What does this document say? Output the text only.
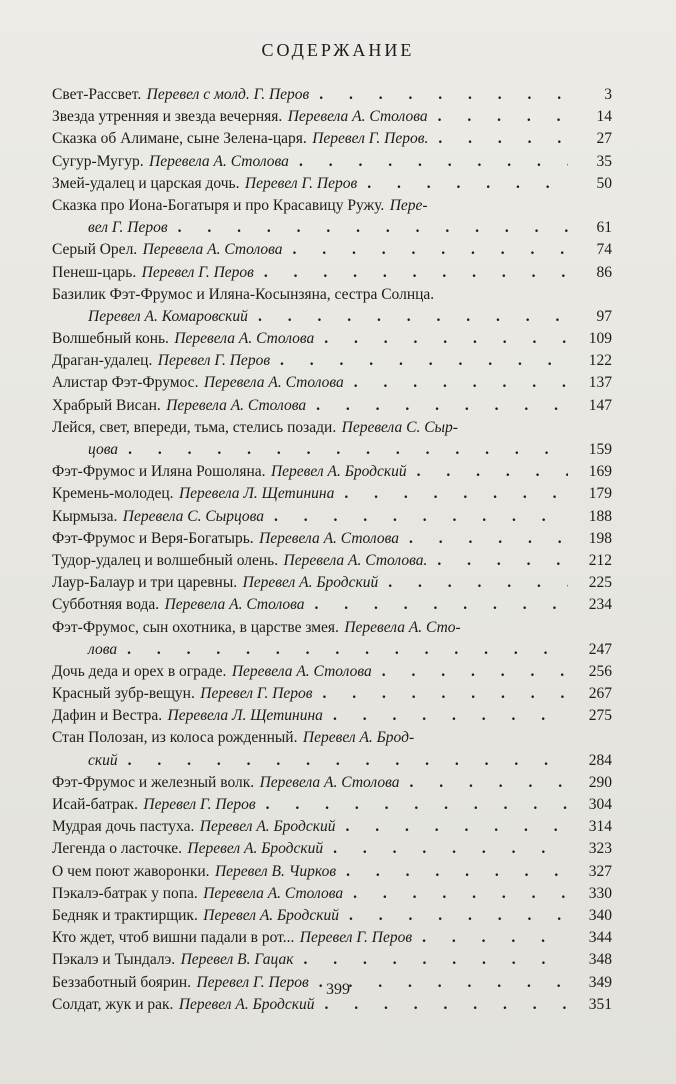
СОДЕРЖАНИЕ
Свет-Рассвет. Перевел с молд. Г. Перов . . .	3
Звезда утренняя и звезда вечерняя. Перевела А. Столова . . .	14
Сказка об Алимане, сыне Зелена-царя. Перевел Г. Перов. . . .	27
Сугур-Мугур. Перевела А. Столова . . .	35
Змей-удалец и царская дочь. Перевел Г. Перов . . .	50
Сказка про Иона-Богатыря и про Красавицу Ружу. Пере-
вел Г. Перов . . .	61
Серый Орел. Перевела А. Столова . . .	74
Пенеш-царь. Перевел Г. Перов . . .	86
Базилик Фэт-Фрумос и Иляна-Косынзяна, сестра Солнца.
Перевел А. Комаровский . . .	97
Волшебный конь. Перевела А. Столова . . .	109
Драган-удалец. Перевел Г. Перов . . .	122
Алистар Фэт-Фрумос. Перевела А. Столова . . .	137
Храбрый Висан. Перевела А. Столова . . .	147
Лейся, свет, впереди, тьма, стелись позади. Перевела С. Сыр-
цова . . .	159
Фэт-Фрумос и Иляна Рошоляна. Перевел А. Бродский . . .	169
Кремень-молодец. Перевела Л. Щетинина . . .	179
Кырмыза. Перевела С. Сырцова . . .	188
Фэт-Фрумос и Веря-Богатырь. Перевела А. Столова . . .	198
Тудор-удалец и волшебный олень. Перевела А. Столова. . . .	212
Лаур-Балаур и три царевны. Перевел А. Бродский . . .	225
Субботняя вода. Перевела А. Столова . . .	234
Фэт-Фрумос, сын охотника, в царстве змея. Перевела А. Сто-
лова . . .	247
Дочь деда и орех в ограде. Перевела А. Столова . . .	256
Красный зубр-вещун. Перевел Г. Перов . . .	267
Дафин и Вестра. Перевела Л. Щетинина . . .	275
Стан Полозан, из колоса рожденный. Перевел А. Брод-
ский . . .	284
Фэт-Фрумос и железный волк. Перевела А. Столова . . .	290
Исай-батрак. Перевел Г. Перов . . .	304
Мудрая дочь пастуха. Перевел А. Бродский . . .	314
Легенда о ласточке. Перевел А. Бродский . . .	323
О чем поют жаворонки. Перевел В. Чирков . . .	327
Пэкалэ-батрак у попа. Перевела А. Столова . . .	330
Бедняк и трактирщик. Перевел А. Бродский . . .	340
Кто ждет, чтоб вишни падали в рот... Перевел Г. Перов . . .	344
Пэкалэ и Тындалэ. Перевел В. Гацак . . .	348
Беззаботный боярин. Перевел Г. Перов . . .	349
Солдат, жук и рак. Перевел А. Бродский . . .	351
399
